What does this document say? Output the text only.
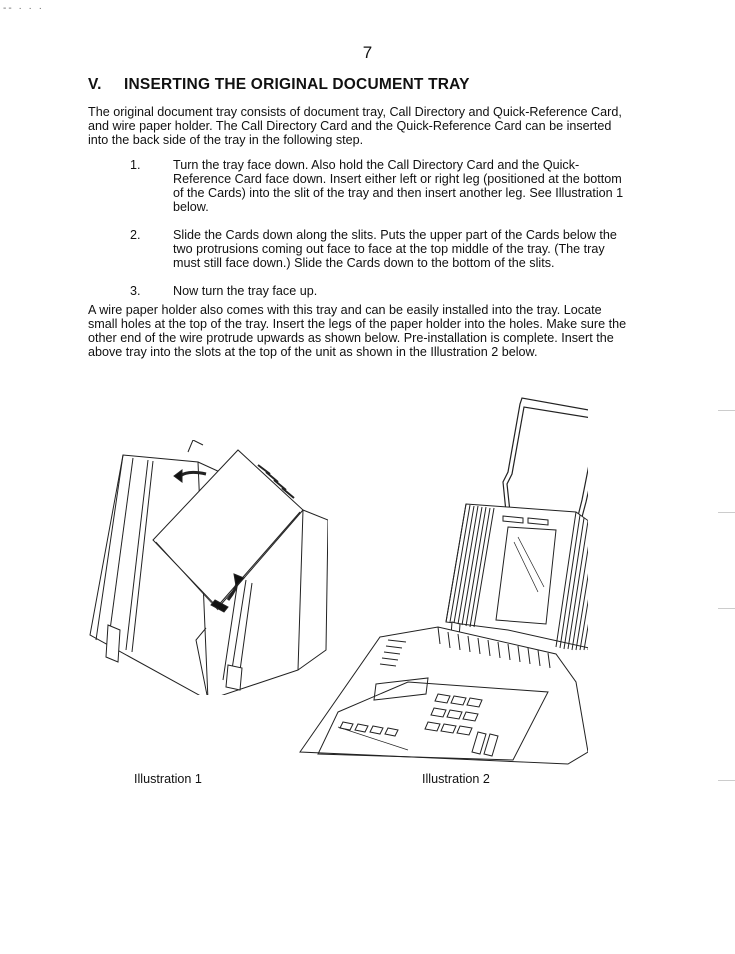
-- · · ·
7
V. INSERTING THE ORIGINAL DOCUMENT TRAY

The original document tray consists of document tray, Call Directory and Quick-Reference Card, and wire paper holder. The Call Directory Card and the Quick-Reference Card can be inserted into the back side of the tray in the following step.

1.	Turn the tray face down. Also hold the Call Directory Card and the Quick-Reference Card face down. Insert either left or right leg (positioned at the bottom of the Cards) into the slit of the tray and then insert another leg. See Illustration 1 below.
2.	Slide the Cards down along the slits. Puts the upper part of the Cards below the two protrusions coming out face to face at the top middle of the tray. (The tray must still face down.) Slide the Cards down to the bottom of the slits.
3.	Now turn the tray face up.

A wire paper holder also comes with this tray and can be easily installed into the tray. Locate small holes at the top of the tray. Insert the legs of the paper holder into the holes. Make sure the other end of the wire protrude upwards as shown below. Pre-installation is complete. Insert the above tray into the slots at the top of the unit as shown in the Illustration 2 below.

Illustration 1	Illustration 2
